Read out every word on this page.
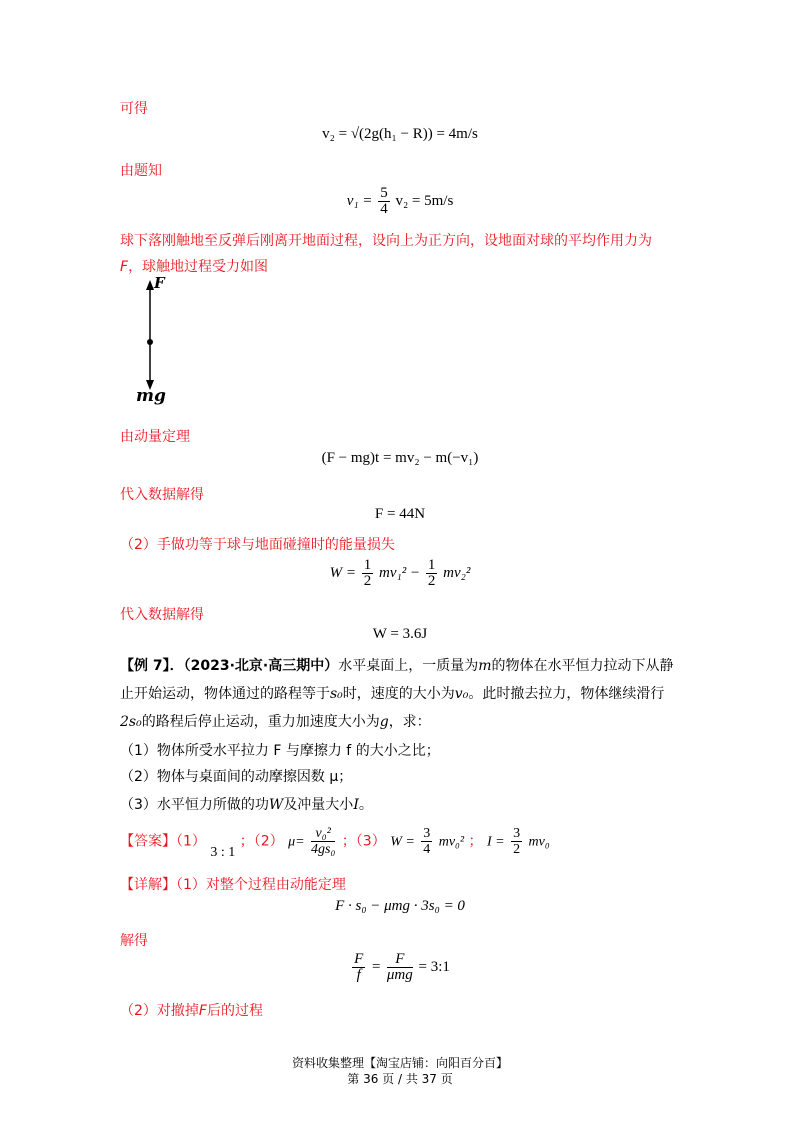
可得
v₂ = √(2g(h₁ − R)) = 4m/s
由题知
$v_1 = \frac{5}{4} v_2 = 5m/s$
球下落刚触地至反弹后刚离开地面过程，设向上为正方向，设地面对球的平均作用力为
F，球触地过程受力如图
F
mg
由动量定理
(F − mg)t = mv₂ − m(−v₁)
代入数据解得
F = 44N
（2）手做功等于球与地面碰撞时的能量损失
$W = \frac{1}{2} mv_1^2 - \frac{1}{2} mv_2^2$
代入数据解得
W = 3.6J
【例 7】．（2023·北京·高三期中）水平桌面上，一质量为m的物体在水平恒力拉动下从静
止开始运动，物体通过的路程等于s₀时，速度的大小为v₀。此时撤去拉力，物体继续滑行
2s₀的路程后停止运动，重力加速度大小为g，求：
（1）物体所受水平拉力 F 与摩擦力 f 的大小之比；
（2）物体与桌面间的动摩擦因数 μ；
（3）水平恒力所做的功W及冲量大小I。
【答案】（1） 3 : 1 ；（2） $\mu= \frac{\text{v₀²}}{\text{4gs₀}}$ ；（3） $W = \frac{3}{4} mv_0^2$ ； $I = \frac{3}{2} mv_0$
【详解】（1）对整个过程由动能定理
F · s₀ − μmg · 3s₀ = 0
解得
$\frac{F}{f} = \frac{F}{\text{μmg}}$ = 3:1
（2）对撤掉F后的过程
资料收集整理【淘宝店铺：向阳百分百】
第 36 页 / 共 37 页
